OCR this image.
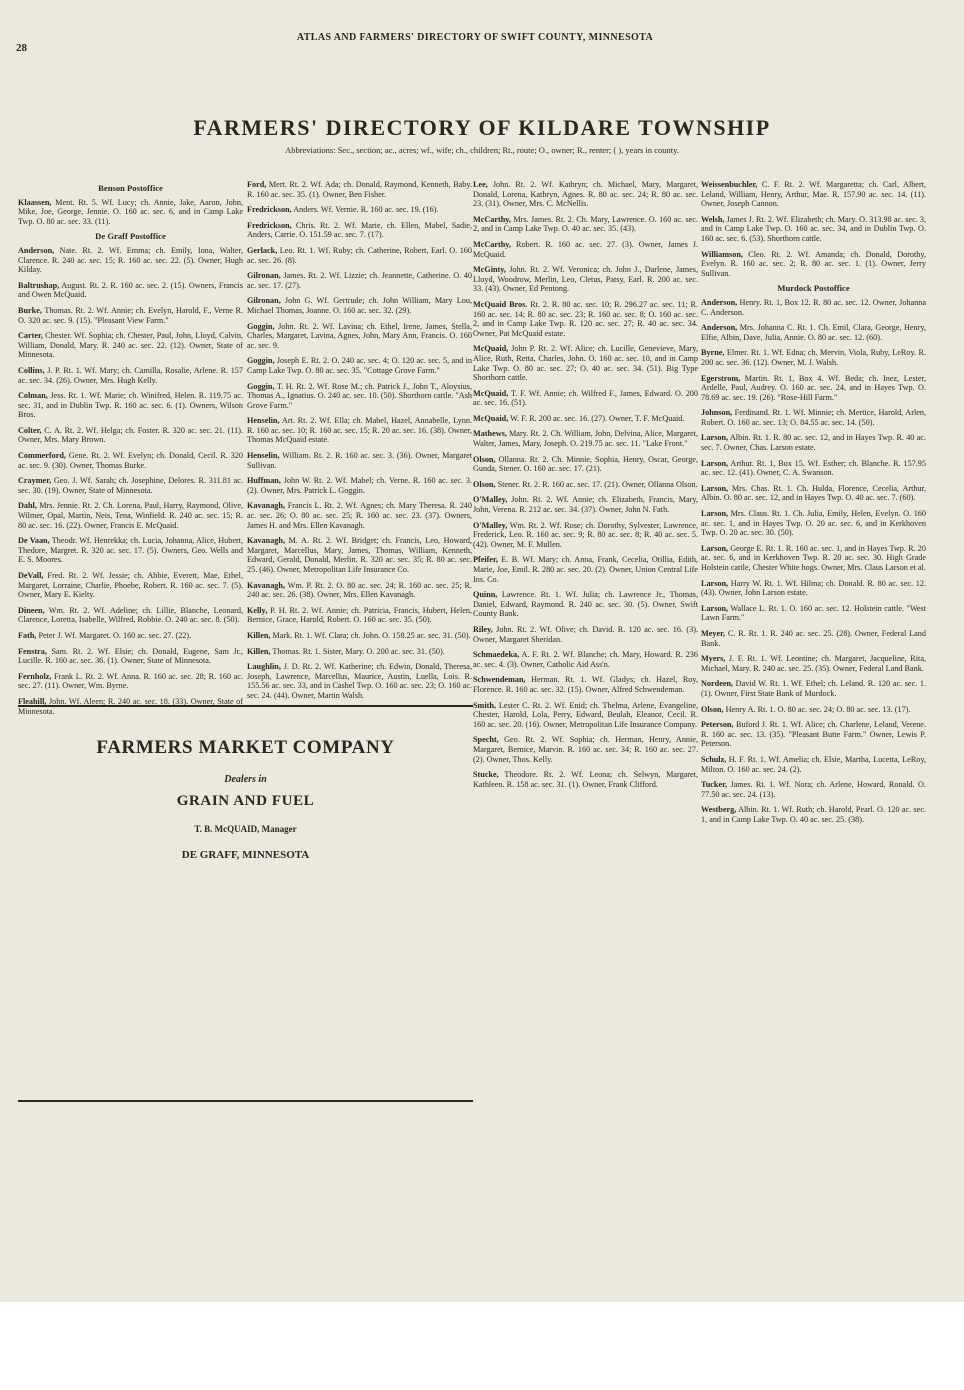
28
ATLAS AND FARMERS' DIRECTORY OF SWIFT COUNTY, MINNESOTA
FARMERS' DIRECTORY OF KILDARE TOWNSHIP
Abbreviations: Sec., section; ac., acres; wf., wife; ch., children; Rt., route; O., owner; R., renter; ( ), years in county.
Benson Postoffice
Klaassen, Ment. Rt. 5. Wf. Lucy; ch. Annie, Jake, Aaron, John, Mike, Joe, George, Jennie. O. 160 ac. sec. 6, and in Camp Lake Twp. O. 80 ac. sec. 33. (11).
De Graff Postoffice
Anderson, Nate. Rt. 2. Wf. Emma; ch. Emily, Iona, Walter, Clarence. R. 240 ac. sec. 15; R. 160 ac. sec. 22. (5). Owner, Hugh Kilday.
Baltrushap, August. Rt. 2. R. 160 ac. sec. 2. (15). Owners, Francis and Owen McQuaid.
Burke, Thomas. Rt. 2. Wf. Annie; ch. Evelyn, Harold, F., Verne R. O. 320 ac. sec. 9. (15). "Pleasant View Farm."
Carter, Chester. Wf. Sophia; ch. Chester, Paul, John, Lloyd, Calvin, William, Donald, Mary. R. 240 ac. sec. 22. (12). Owner, State of Minnesota.
Collins, J. P. Rt. 1. Wf. Mary; ch. Camilla, Rosalie, Arlene. R. 157 ac. sec. 34. (26). Owner, Mrs. Hugh Kelly.
Colman, Jess. Rt. 1. Wf. Marie; ch. Winifred, Helen. R. 119.75 ac. sec. 31, and in Dublin Twp. R. 160 ac. sec. 6. (1). Owners, Wilson Bros.
Colter, C. A. Rt. 2. Wf. Helga; ch. Foster. R. 320 ac. sec. 21. (11). Owner, Mrs. Mary Brown.
Commerford, Gene. Rt. 2. Wf. Evelyn; ch. Donald, Cecil. R. 320 ac. sec. 9. (30). Owner, Thomas Burke.
Craymer, Geo. J. Wf. Sarah; ch. Josephine, Delores. R. 311.81 ac. sec. 30. (19). Owner, State of Minnesota.
Dahl, Mrs. Jennie. Rt. 2. Ch. Lorena, Paul, Harry, Raymond, Olive, Wilmer, Opal, Martin, Neis, Tena, Winfield. R. 240 ac. sec. 15; R. 80 ac. sec. 16. (22). Owner, Francis E. McQuaid.
De Vaan, Theodr. Wf. Henrekka; ch. Lucia, Johanna, Alice, Hubert, Thedore, Margret. R. 320 ac. sec. 17. (5). Owners, Geo. Wells and E. S. Moores.
DeVall, Fred. Rt. 2. Wf. Jessie; ch. Abbie, Everett, Mae, Ethel, Margaret, Lorraine, Charlie, Phoebe, Robert. R. 160 ac. sec. 7. (5). Owner, Mary E. Kielty.
Dineen, Wm. Rt. 2. Wf. Adeline; ch. Lillie, Blanche, Leonard, Clarence, Loretta, Isabelle, Wilfred, Robbie. O. 240 ac. sec. 8. (50).
Fath, Peter J. Wf. Margaret. O. 160 ac. sec. 27. (22).
Fenstra, Sam. Rt. 2. Wf. Elsie; ch. Donald, Eugene, Sam Jr., Lucille. R. 160 ac. sec. 36. (1). Owner, State of Minnesota.
Fernholz, Frank L. Rt. 2. Wf. Anna. R. 160 ac. sec. 28; R. 160 ac. sec. 27. (11). Owner, Wm. Byrne.
Fleahill, John. Wf. Aleen; R. 240 ac. sec. 18. (33). Owner, State of Minnesota.
Ford, Mert. Rt. 2. Wf. Ada; ch. Donald, Raymond, Kenneth, Baby. R. 160 ac. sec. 35. (1). Owner, Ben Fisher.
Fredrickson, Anders. Wf. Vernie. R. 160 ac. sec. 19. (16).
Fredrickson, Chris. Rt. 2. Wf. Marie, ch. Ellen, Mabel, Sadie, Anders, Carrie. O. 151.59 ac. sec. 7. (17).
Gerlack, Leo. Rt. 1. Wf. Ruby; ch. Catherine, Robert, Earl. O. 160 ac. sec. 26. (8).
Gilronan, James. Rt. 2. Wf. Lizzie; ch. Jeannette, Catherine. O. 40 ac. sec. 17. (27).
Gilronan, John G. Wf. Gertrude; ch. John William, Mary Lou, Michael Thomas, Joanne. O. 160 ac. sec. 32. (29).
Goggin, John. Rt. 2. Wf. Lavina; ch. Ethel, Irene, James, Stella, Charles, Margaret, Lavina, Agnes, John, Mary Ann, Francis. O. 160 ac. sec. 9.
Goggin, Joseph E. Rt. 2. O. 240 ac. sec. 4; O. 120 ac. sec. 5, and in Camp Lake Twp. O. 80 ac. sec. 35. "Cottage Grove Farm."
Goggin, T. H. Rt. 2. Wf. Rose M.; ch. Patrick J., John T., Aloysius, Thomas A., Ignatius. O. 240 ac. sec. 10. (50). Shorthorn cattle. "Ash Grove Farm."
Henselin, Art. Rt. 2. Wf. Ella; ch. Mabel, Hazel, Annabelle, Lynn. R. 160 ac. sec. 10; R. 160 ac. sec. 15; R. 20 ac. sec. 16. (38). Owner, Thomas McQuaid estate.
Henselin, William. Rt. 2. R. 160 ac. sec. 3. (36). Owner, Margaret Sullivan.
Huffman, John W. Rt. 2. Wf. Mabel; ch. Verne. R. 160 ac. sec. 3. (2). Owner, Mrs. Patrick L. Goggin.
Kavanagh, Francis L. Rt. 2. Wf. Agnes; ch. Mary Theresa. R. 240 ac. sec. 26; O. 80 ac. sec. 25; R. 160 ac. sec. 23. (37). Owners, James H. and Mrs. Ellen Kavanagh.
Kavanagh, M. A. Rt. 2. Wf. Bridget; ch. Francis, Leo, Howard, Margaret, Marcellus, Mary, James, Thomas, William, Kenneth, Edward, Gerald, Donald, Merlin. R. 320 ac. sec. 35; R. 80 ac. sec. 25. (46). Owner, Metropolitan Life Insurance Co.
Kavanagh, Wm. P. Rt. 2. O. 80 ac. sec. 24; R. 160 ac. sec. 25; R. 240 ac. sec. 26. (38). Owner, Mrs. Ellen Kavanagh.
Kelly, P. H. Rt. 2. Wf. Annie; ch. Patricia, Francis, Hubert, Helen, Bernice, Grace, Harold, Robert. O. 160 ac. sec. 35. (50).
Killen, Mark. Rt. 1. Wf. Clara; ch. John. O. 158.25 ac. sec. 31. (50).
Killen, Thomas. Rt. 1. Sister, Mary. O. 200 ac. sec. 31. (50).
Laughlin, J. D. Rt. 2. Wf. Katherine; ch. Edwin, Donald, Theresa, Joseph, Lawrence, Marcellus, Maurice, Austin, Luella, Lois. R. 155.56 ac. sec. 33, and in Cashel Twp. O. 160 ac. sec. 23; O. 160 ac. sec. 24. (44). Owner, Martin Walsh.
Lee, John. Rt. 2. Wf. Kathryn; ch. Michael, Mary, Margaret, Donald, Lorena, Kathryn, Agnes. R. 80 ac. sec. 24; R. 80 ac. sec. 23. (31). Owner, Mrs. C. McNellis.
McCarthy, Mrs. James. Rt. 2. Ch. Mary, Lawrence. O. 160 ac. sec. 2, and in Camp Lake Twp. O. 40 ac. sec. 35. (43).
McCarthy, Robert. R. 160 ac. sec. 27. (3). Owner, James J. McQuaid.
McGinty, John. Rt. 2. Wf. Veronica; ch. John J., Darlene, James, Lloyd, Woodrow, Merlin, Leo, Cletus, Patsy, Earl. R. 200 ac. sec. 33. (43). Owner, Ed Pentong.
McQuaid Bros. Rt. 2. R. 80 ac. sec. 10; R. 296.27 ac. sec. 11; R. 160 ac. sec. 14; R. 80 ac. sec. 23; R. 160 ac. sec. 8; O. 160 ac. sec. 2, and in Camp Lake Twp. R. 120 ac. sec. 27; R. 40 ac. sec. 34. Owner, Pat McQuaid estate.
McQuaid, John P. Rt. 2. Wf. Alice; ch. Lucille, Genevieve, Mary, Alice, Ruth, Retta, Charles, John. O. 160 ac. sec. 10, and in Camp Lake Twp. O. 80 ac. sec. 27; O. 40 ac. sec. 34. (51). Big Type Shorthorn cattle.
McQuaid, T. F. Wf. Annie; ch. Wilfred F., James, Edward. O. 200 ac. sec. 16. (51).
McQuaid, W. F. R. 200 ac. sec. 16. (27). Owner, T. F. McQuaid.
Mathews, Mary. Rt. 2. Ch. William, John, Delvina, Alice, Margaret, Walter, James, Mary, Joseph. O. 219.75 ac. sec. 11. "Lake Front."
Olson, Ollanna. Rt. 2. Ch. Minnie, Sophia, Henry, Oscar, George, Gunda, Stener. O. 160 ac. sec. 17. (21).
Olson, Stener. Rt. 2. R. 160 ac. sec. 17. (21). Owner, Ollanna Olson.
O'Malley, John. Rt. 2. Wf. Annie; ch. Elizabeth, Francis, Mary, John, Verena. R. 212 ac. sec. 34. (37). Owner, John N. Fath.
O'Malley, Wm. Rt. 2. Wf. Rose; ch. Dorothy, Sylvester, Lawrence, Frederick, Leo. R. 160 ac. sec. 9; R. 80 ac. sec. 8; R. 40 ac. sec. 5. (42). Owner, M. F. Mullen.
Pfeifer, E. B. Wf. Mary; ch. Anna, Frank, Cecelia, Otillia, Edith, Marie, Joe, Emil. R. 280 ac. sec. 20. (2). Owner, Union Central Life Ins. Co.
Quinn, Lawrence. Rt. 1. Wf. Julia; ch. Lawrence Jr., Thomas, Daniel, Edward, Raymond. R. 240 ac. sec. 30. (5). Owner, Swift County Bank.
Riley, John. Rt. 2. Wf. Olive; ch. David. R. 120 ac. sec. 16. (3). Owner, Margaret Sheridan.
Schmaedeka, A. F. Rt. 2. Wf. Blanche; ch. Mary, Howard. R. 236 ac. sec. 4. (3). Owner, Catholic Aid Ass'n.
Schwendeman, Herman. Rt. 1. Wf. Gladys; ch. Hazel, Roy, Florence. R. 160 ac. sec. 32. (15). Owner, Alfred Schwendeman.
Smith, Lester C. Rt. 2. Wf. Enid; ch. Thelma, Arlene, Evangeline, Chester, Harold, Lola, Perry, Edward, Beulah, Eleanor, Cecil. R. 160 ac. sec. 20. (16). Owner, Metropolitan Life Insurance Company.
Specht, Geo. Rt. 2. Wf. Sophia; ch. Herman, Henry, Annie, Margaret, Bernice, Marvin. R. 160 ac. sec. 34; R. 160 ac. sec. 27. (2). Owner, Thos. Kelly.
Stucke, Theodore. Rt. 2. Wf. Leona; ch. Selwyn, Margaret, Kathleen. R. 158 ac. sec. 31. (1). Owner, Frank Clifford.
Weissenbuchler, C. F. Rt. 2. Wf. Margaretta; ch. Carl, Albert, Leland, William, Henry, Arthur, Mae. R. 157.90 ac. sec. 14. (11). Owner, Joseph Cannon.
Welsh, James J. Rt. 2. Wf. Elizabeth; ch. Mary. O. 313.98 ac. sec. 3, and in Camp Lake Twp. O. 160 ac. sec. 34, and in Dublin Twp. O. 160 ac. sec. 6. (53). Shorthorn cattle.
Williamson, Cleo. Rt. 2. Wf. Amanda; ch. Donald, Dorothy, Evelyn. R. 160 ac. sec. 2; R. 80 ac. sec. 1. (1). Owner, Jerry Sullivan.
Murdock Postoffice
Anderson, Henry. Rt. 1, Box 12. R. 80 ac. sec. 12. Owner, Johanna C. Anderson.
Anderson, Mrs. Johanna C. Rt. 1. Ch. Emil, Clara, George, Henry, Elfie, Albin, Dave, Julia, Annie. O. 80 ac. sec. 12. (60).
Byrne, Elmer. Rt. 1. Wf. Edna; ch. Mervin, Viola, Ruby, LeRoy. R. 200 ac. sec. 36. (12). Owner, M. J. Walsh.
Egerstrom, Martin. Rt. 1, Box 4. Wf. Beda; ch. Inez, Lester, Ardelle, Paul, Audrey. O. 160 ac. sec. 24, and in Hayes Twp. O. 78.69 ac. sec. 19. (26). "Rose-Hill Farm."
Johnson, Ferdinand. Rt. 1. Wf. Minnie; ch. Mertice, Harold, Arlen, Robert. O. 160 ac. sec. 13; O. 84.55 ac. sec. 14. (50).
Larson, Albin. Rt. 1. R. 80 ac. sec. 12, and in Hayes Twp. R. 40 ac. sec. 7. Owner, Chas. Larson estate.
Larson, Arthur. Rt. 1, Box 15. Wf. Esther; ch. Blanche. R. 157.95 ac. sec. 12. (41). Owner, C. A. Swanson.
Larson, Mrs. Chas. Rt. 1. Ch. Hulda, Florence, Cecelia, Arthur, Albin. O. 80 ac. sec. 12, and in Hayes Twp. O. 40 ac. sec. 7. (60).
Larson, Mrs. Claus. Rt. 1. Ch. Julia, Emily, Helen, Evelyn. O. 160 ac. sec. 1, and in Hayes Twp. O. 20 ac. sec. 6, and in Kerkhoven Twp. O. 20 ac. sec. 30. (50).
Larson, George E. Rt. 1. R. 160 ac. sec. 1, and in Hayes Twp. R. 20 ac. sec. 6, and in Kerkhoven Twp. R. 20 ac. sec. 30. High Grade Holstein cattle, Chester White hogs. Owner, Mrs. Claus Larson et al.
Larson, Harry W. Rt. 1. Wf. Hilma; ch. Donald. R. 80 ac. sec. 12. (43). Owner, John Larson estate.
Larson, Wallace L. Rt. 1. O. 160 ac. sec. 12. Holstein cattle. "West Lawn Farm."
Meyer, C. R. Rt. 1. R. 240 ac. sec. 25. (28). Owner, Federal Land Bank.
Myers, J. F. Rt. 1. Wf. Leontine; ch. Margaret, Jacqueline, Rita, Michael, Mary. R. 240 ac. sec. 25. (35). Owner, Federal Land Bank.
Nordeen, David W. Rt. 1. Wf. Ethel; ch. Leland. R. 120 ac. sec. 1. (1). Owner, First State Bank of Murdock.
Olson, Henry A. Rt. 1. O. 80 ac. sec. 24; O. 80 ac. sec. 13. (17).
Peterson, Buford J. Rt. 1. Wf. Alice; ch. Charlene, Leland, Verene. R. 160 ac. sec. 13. (35). "Pleasant Butte Farm." Owner, Lewis P. Peterson.
Schulz, H. F. Rt. 1. Wf. Amelia; ch. Elsie, Martha, Lucetta, LeRoy, Milton. O. 160 ac. sec. 24. (2).
Tucker, James. Rt. 1. Wf. Nora; ch. Arlene, Howard, Ronald. O. 77.50 ac. sec. 24. (13).
Westberg, Albin. Rt. 1. Wf. Ruth; ch. Harold, Pearl. O. 120 ac. sec. 1, and in Camp Lake Twp. O. 40 ac. sec. 25. (38).
FARMERS MARKET COMPANY
Dealers in
GRAIN AND FUEL
T. B. McQUAID, Manager
DE GRAFF, MINNESOTA
